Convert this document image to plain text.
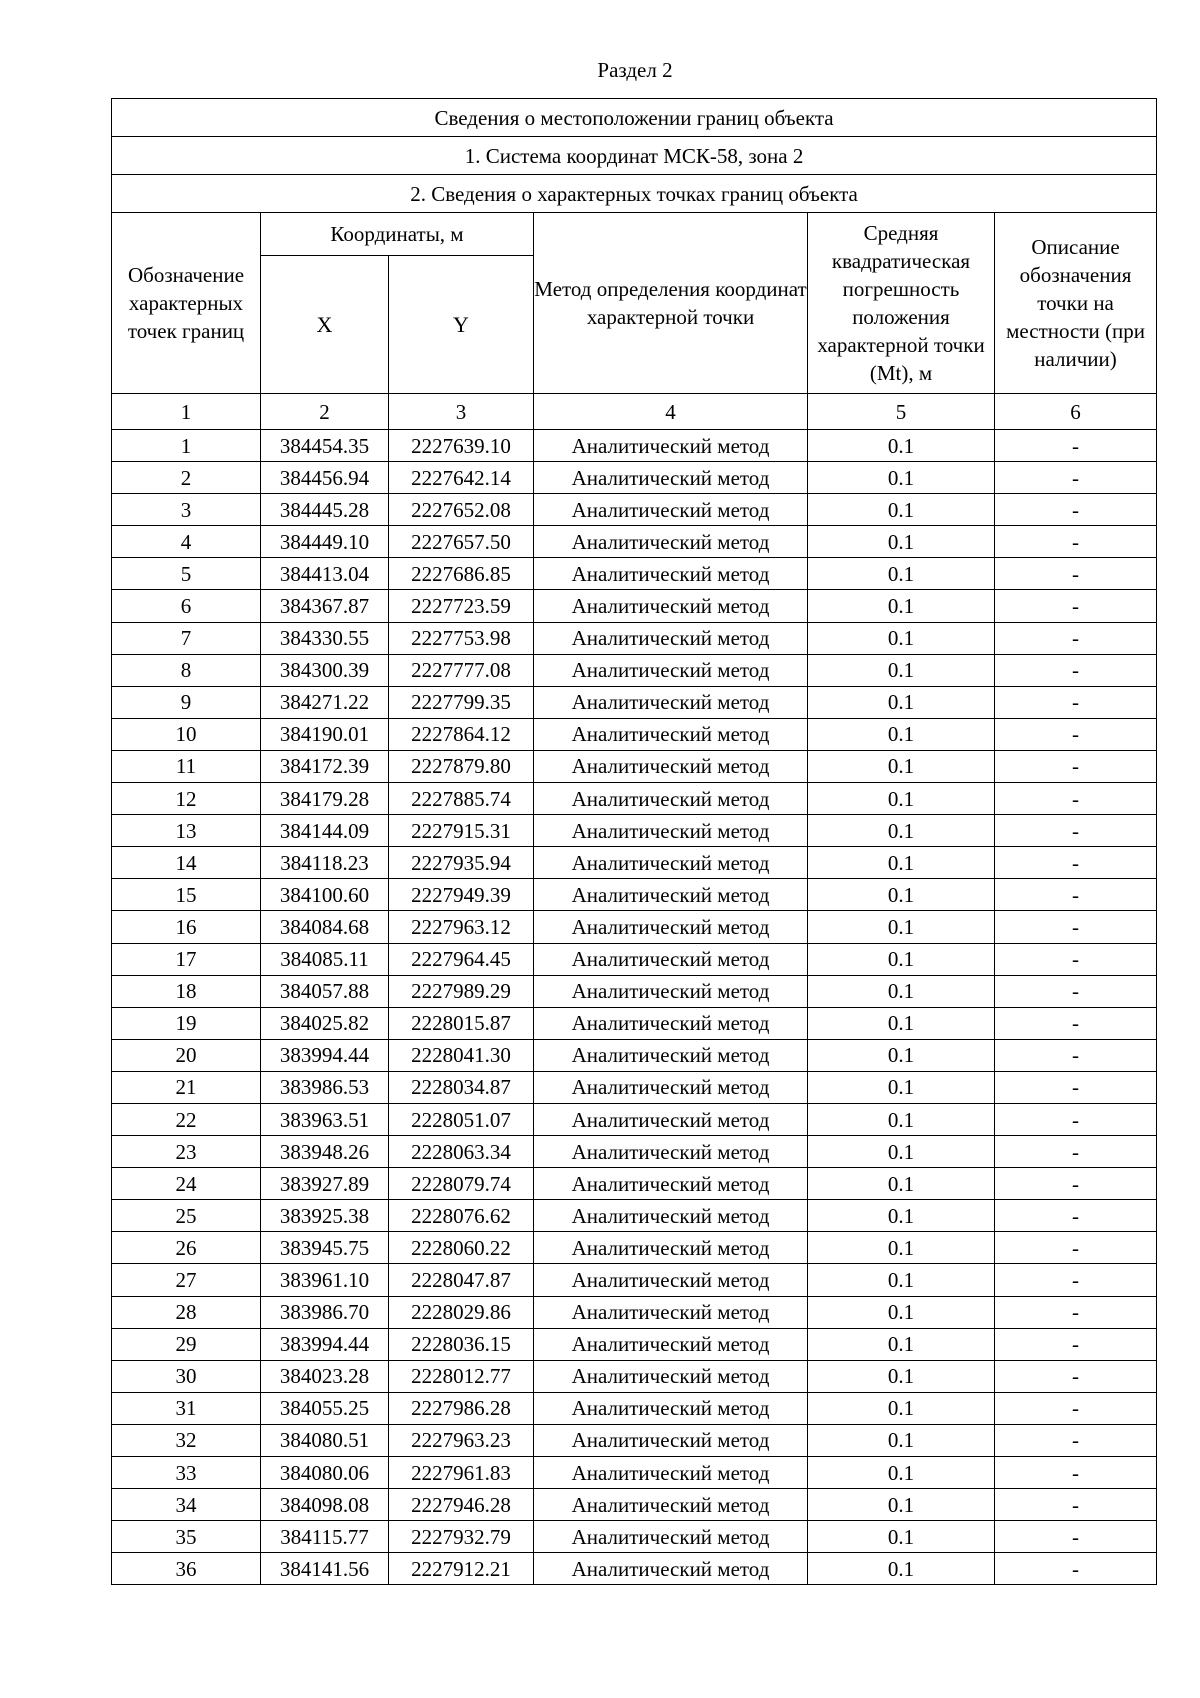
Раздел 2
Сведения о местоположении границ объекта					
1. Система координат МСК-58, зона 2					
2. Сведения о характерных точках границ объекта					
Обозначение характерных точек границ	Координаты, м		Метод определения координат характерной точки	Средняя квадратическая погрешность положения характерной точки (Mt), м	Описание обозначения точки на местности (при наличии)
	X	Y			
1	2	3	4	5	6
1	384454.35	2227639.10	Аналитический метод	0.1	-
2	384456.94	2227642.14	Аналитический метод	0.1	-
3	384445.28	2227652.08	Аналитический метод	0.1	-
4	384449.10	2227657.50	Аналитический метод	0.1	-
5	384413.04	2227686.85	Аналитический метод	0.1	-
6	384367.87	2227723.59	Аналитический метод	0.1	-
7	384330.55	2227753.98	Аналитический метод	0.1	-
8	384300.39	2227777.08	Аналитический метод	0.1	-
9	384271.22	2227799.35	Аналитический метод	0.1	-
10	384190.01	2227864.12	Аналитический метод	0.1	-
11	384172.39	2227879.80	Аналитический метод	0.1	-
12	384179.28	2227885.74	Аналитический метод	0.1	-
13	384144.09	2227915.31	Аналитический метод	0.1	-
14	384118.23	2227935.94	Аналитический метод	0.1	-
15	384100.60	2227949.39	Аналитический метод	0.1	-
16	384084.68	2227963.12	Аналитический метод	0.1	-
17	384085.11	2227964.45	Аналитический метод	0.1	-
18	384057.88	2227989.29	Аналитический метод	0.1	-
19	384025.82	2228015.87	Аналитический метод	0.1	-
20	383994.44	2228041.30	Аналитический метод	0.1	-
21	383986.53	2228034.87	Аналитический метод	0.1	-
22	383963.51	2228051.07	Аналитический метод	0.1	-
23	383948.26	2228063.34	Аналитический метод	0.1	-
24	383927.89	2228079.74	Аналитический метод	0.1	-
25	383925.38	2228076.62	Аналитический метод	0.1	-
26	383945.75	2228060.22	Аналитический метод	0.1	-
27	383961.10	2228047.87	Аналитический метод	0.1	-
28	383986.70	2228029.86	Аналитический метод	0.1	-
29	383994.44	2228036.15	Аналитический метод	0.1	-
30	384023.28	2228012.77	Аналитический метод	0.1	-
31	384055.25	2227986.28	Аналитический метод	0.1	-
32	384080.51	2227963.23	Аналитический метод	0.1	-
33	384080.06	2227961.83	Аналитический метод	0.1	-
34	384098.08	2227946.28	Аналитический метод	0.1	-
35	384115.77	2227932.79	Аналитический метод	0.1	-
36	384141.56	2227912.21	Аналитический метод	0.1	-
